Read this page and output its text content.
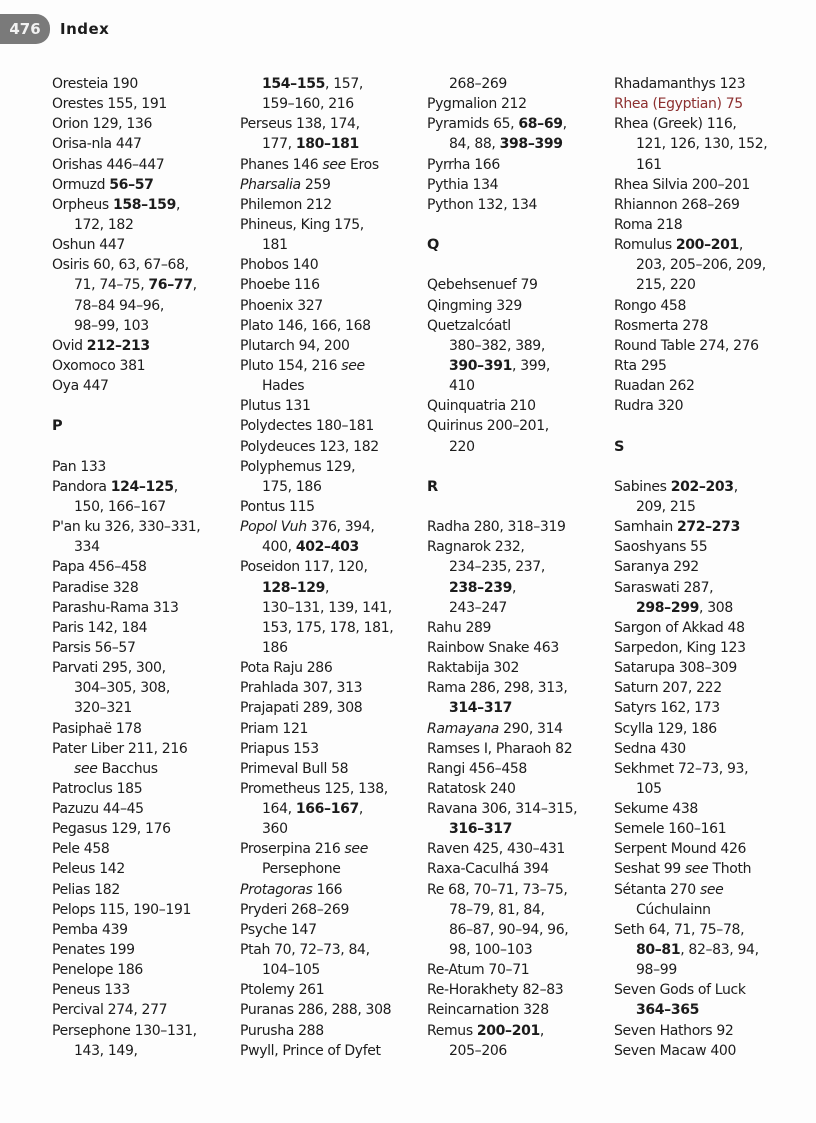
476	Index
Oresteia 190
Orestes 155, 191
Orion 129, 136
Orisa-nla 447
Orishas 446–447
Ormuzd 56–57
Orpheus 158–159,
172, 182
Oshun 447
Osiris 60, 63, 67–68,
71, 74–75, 76–77,
78–84 94–96,
98–99, 103
Ovid 212–213
Oxomoco 381
Oya 447
P
Pan 133
Pandora 124–125,
150, 166–167
P'an ku 326, 330–331,
334
Papa 456–458
Paradise 328
Parashu-Rama 313
Paris 142, 184
Parsis 56–57
Parvati 295, 300,
304–305, 308,
320–321
Pasiphaë 178
Pater Liber 211, 216
see Bacchus
Patroclus 185
Pazuzu 44–45
Pegasus 129, 176
Pele 458
Peleus 142
Pelias 182
Pelops 115, 190–191
Pemba 439
Penates 199
Penelope 186
Peneus 133
Percival 274, 277
Persephone 130–131,
143, 149,
154–155, 157,
159–160, 216
Perseus 138, 174,
177, 180–181
Phanes 146 see Eros
Pharsalia 259
Philemon 212
Phineus, King 175,
181
Phobos 140
Phoebe 116
Phoenix 327
Plato 146, 166, 168
Plutarch 94, 200
Pluto 154, 216 see
Hades
Plutus 131
Polydectes 180–181
Polydeuces 123, 182
Polyphemus 129,
175, 186
Pontus 115
Popol Vuh 376, 394,
400, 402–403
Poseidon 117, 120,
128–129,
130–131, 139, 141,
153, 175, 178, 181,
186
Pota Raju 286
Prahlada 307, 313
Prajapati 289, 308
Priam 121
Priapus 153
Primeval Bull 58
Prometheus 125, 138,
164, 166–167,
360
Proserpina 216 see
Persephone
Protagoras 166
Pryderi 268–269
Psyche 147
Ptah 70, 72–73, 84,
104–105
Ptolemy 261
Puranas 286, 288, 308
Purusha 288
Pwyll, Prince of Dyfet
268–269
Pygmalion 212
Pyramids 65, 68–69,
84, 88, 398–399
Pyrrha 166
Pythia 134
Python 132, 134
Q
Qebehsenuef 79
Qingming 329
Quetzalcóatl
380–382, 389,
390–391, 399,
410
Quinquatria 210
Quirinus 200–201,
220
R
Radha 280, 318–319
Ragnarok 232,
234–235, 237,
238–239,
243–247
Rahu 289
Rainbow Snake 463
Raktabija 302
Rama 286, 298, 313,
314–317
Ramayana 290, 314
Ramses I, Pharaoh 82
Rangi 456–458
Ratatosk 240
Ravana 306, 314–315,
316–317
Raven 425, 430–431
Raxa-Caculhá 394
Re 68, 70–71, 73–75,
78–79, 81, 84,
86–87, 90–94, 96,
98, 100–103
Re-Atum 70–71
Re-Horakhety 82–83
Reincarnation 328
Remus 200–201,
205–206
Rhadamanthys 123
Rhea (Egyptian) 75
Rhea (Greek) 116,
121, 126, 130, 152,
161
Rhea Silvia 200–201
Rhiannon 268–269
Roma 218
Romulus 200–201,
203, 205–206, 209,
215, 220
Rongo 458
Rosmerta 278
Round Table 274, 276
Rta 295
Ruadan 262
Rudra 320
S
Sabines 202–203,
209, 215
Samhain 272–273
Saoshyans 55
Saranya 292
Saraswati 287,
298–299, 308
Sargon of Akkad 48
Sarpedon, King 123
Satarupa 308–309
Saturn 207, 222
Satyrs 162, 173
Scylla 129, 186
Sedna 430
Sekhmet 72–73, 93,
105
Sekume 438
Semele 160–161
Serpent Mound 426
Seshat 99 see Thoth
Sétanta 270 see
Cúchulainn
Seth 64, 71, 75–78,
80–81, 82–83, 94,
98–99
Seven Gods of Luck
364–365
Seven Hathors 92
Seven Macaw 400
